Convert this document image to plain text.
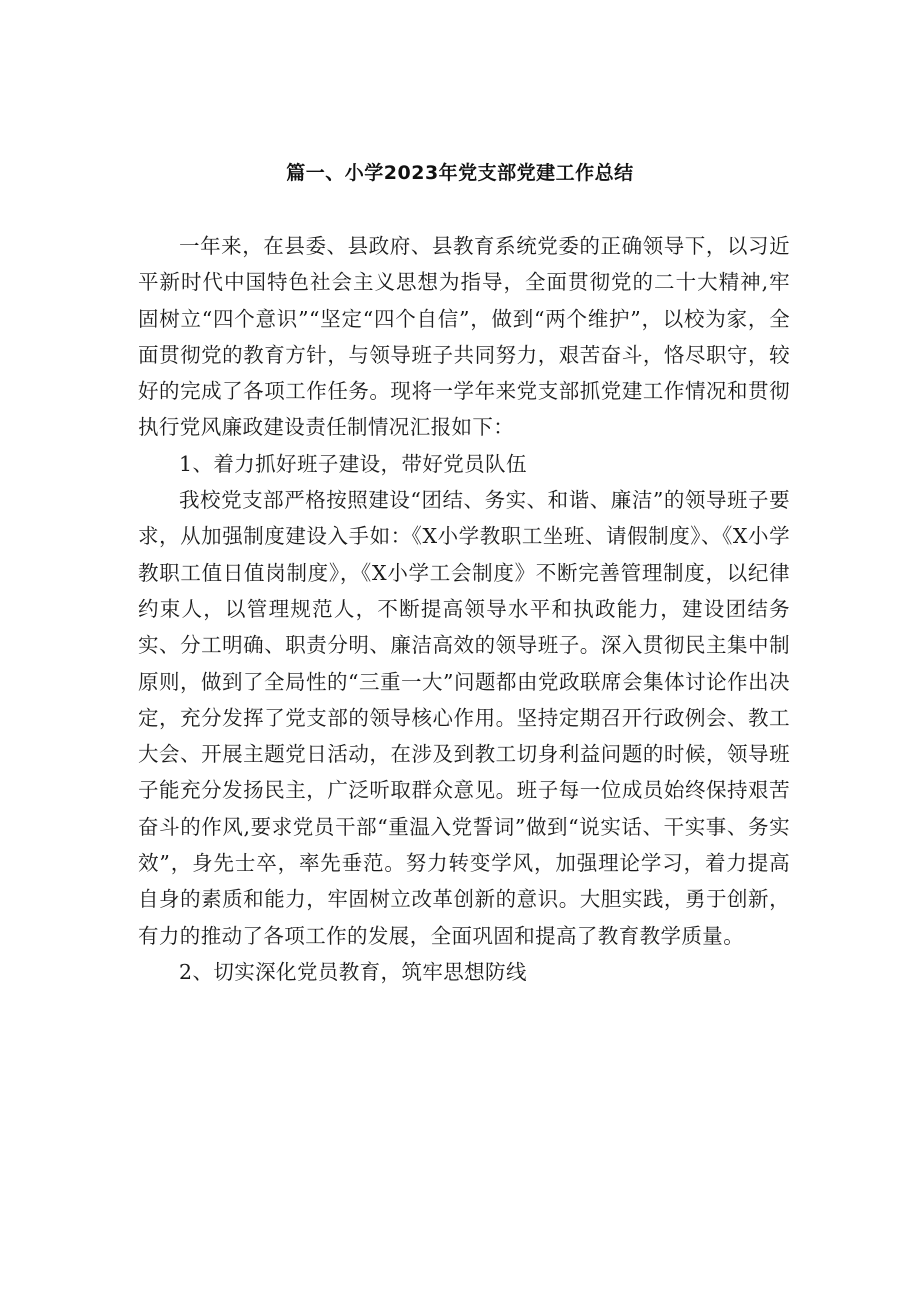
篇一、小学2023年党支部党建工作总结

一年来，在县委、县政府、县教育系统党委的正确领导下，以习近平新时代中国特色社会主义思想为指导，全面贯彻党的二十大精神,牢固树立“四个意识”“坚定“四个自信”，做到“两个维护”，以校为家，全面贯彻党的教育方针，与领导班子共同努力，艰苦奋斗，恪尽职守，较好的完成了各项工作任务。现将一学年来党支部抓党建工作情况和贯彻执行党风廉政建设责任制情况汇报如下：

1、着力抓好班子建设，带好党员队伍

我校党支部严格按照建设“团结、务实、和谐、廉洁”的领导班子要求，从加强制度建设入手如：《X小学教职工坐班、请假制度》、《X小学教职工值日值岗制度》，《X小学工会制度》不断完善管理制度，以纪律约束人，以管理规范人，不断提高领导水平和执政能力，建设团结务实、分工明确、职责分明、廉洁高效的领导班子。深入贯彻民主集中制原则，做到了全局性的“三重一大”问题都由党政联席会集体讨论作出决定，充分发挥了党支部的领导核心作用。坚持定期召开行政例会、教工大会、开展主题党日活动，在涉及到教工切身利益问题的时候，领导班子能充分发扬民主，广泛听取群众意见。班子每一位成员始终保持艰苦奋斗的作风,要求党员干部“重温入党誓词”做到“说实话、干实事、务实效”，身先士卒，率先垂范。努力转变学风，加强理论学习，着力提高自身的素质和能力，牢固树立改革创新的意识。大胆实践，勇于创新，有力的推动了各项工作的发展，全面巩固和提高了教育教学质量。

2、切实深化党员教育，筑牢思想防线
